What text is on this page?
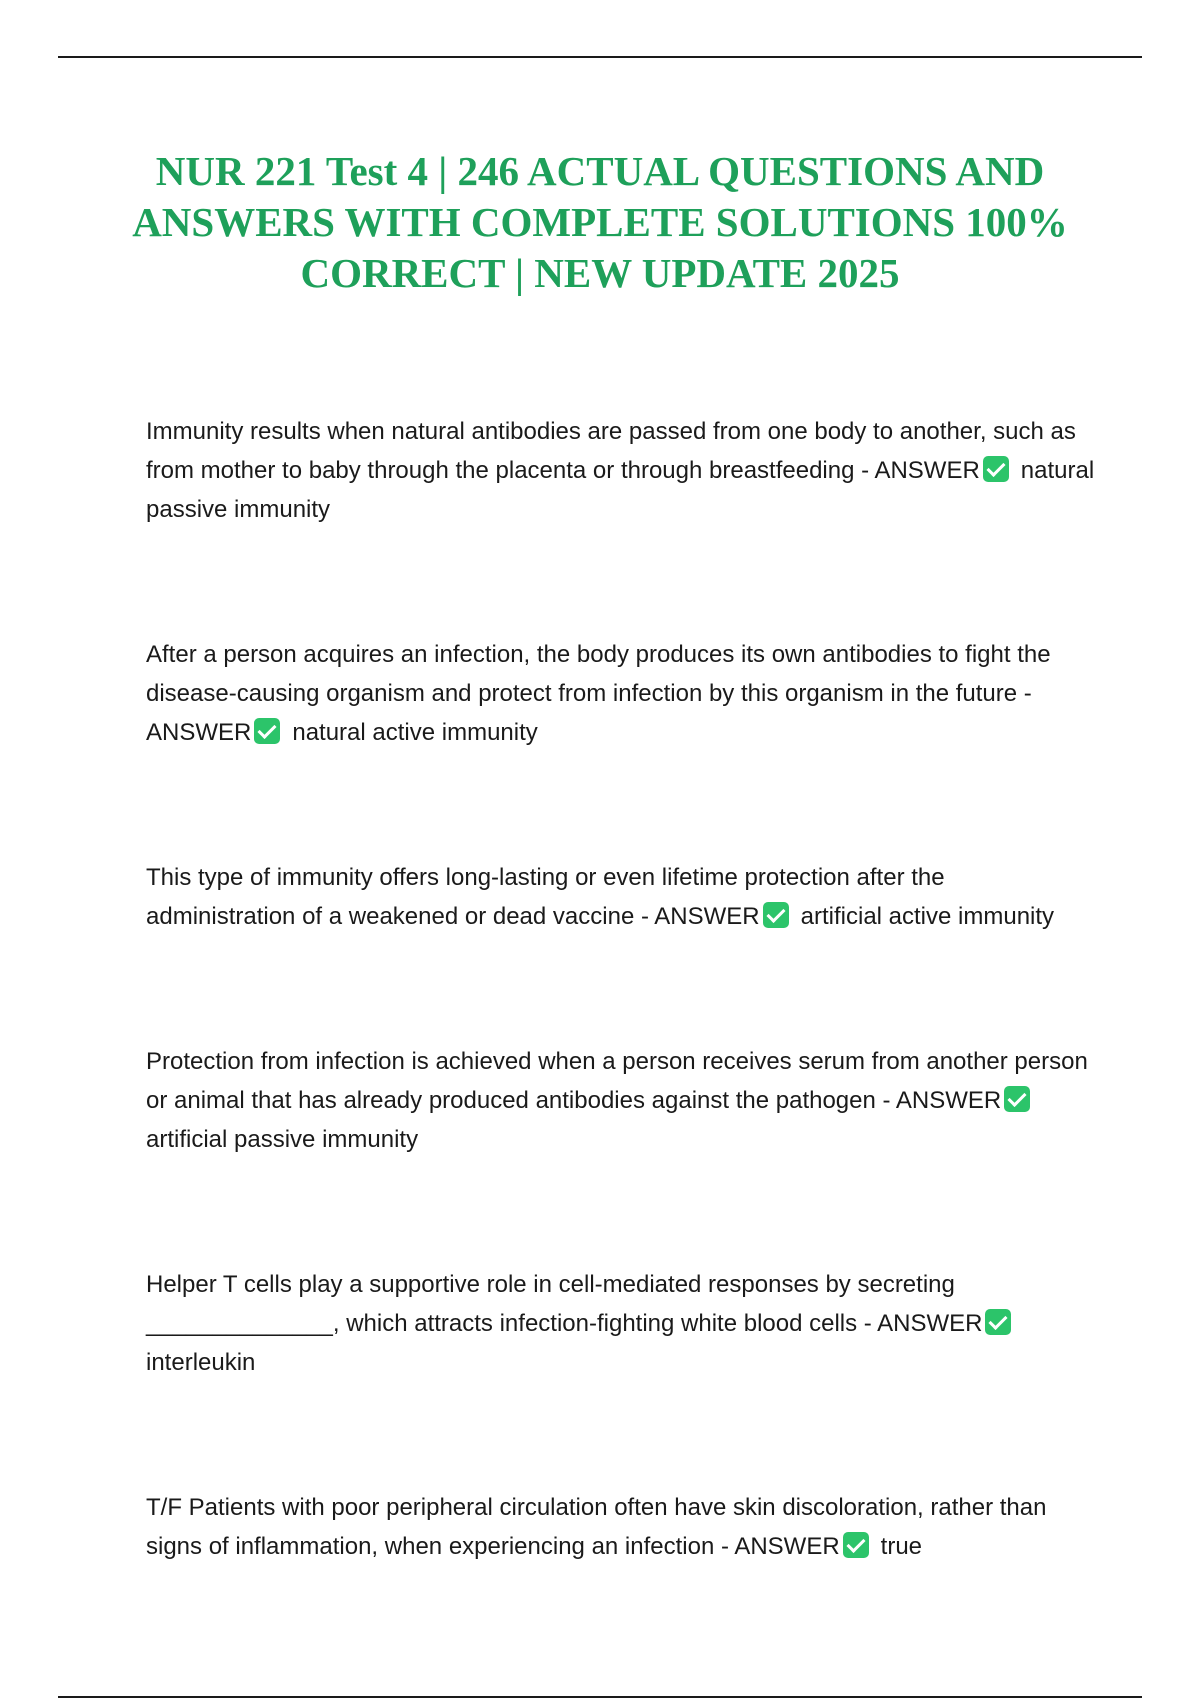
NUR 221 Test 4 | 246 ACTUAL QUESTIONS AND ANSWERS WITH COMPLETE SOLUTIONS 100% CORRECT | NEW UPDATE 2025

Immunity results when natural antibodies are passed from one body to another, such as from mother to baby through the placenta or through breastfeeding - ANSWER natural passive immunity

After a person acquires an infection, the body produces its own antibodies to fight the disease-causing organism and protect from infection by this organism in the future - ANSWER natural active immunity

This type of immunity offers long-lasting or even lifetime protection after the administration of a weakened or dead vaccine - ANSWER artificial active immunity

Protection from infection is achieved when a person receives serum from another person or animal that has already produced antibodies against the pathogen - ANSWERartificial passive immunity

Helper T cells play a supportive role in cell-mediated responses by secreting ______________, which attracts infection-fighting white blood cells - ANSWERinterleukin

T/F Patients with poor peripheral circulation often have skin discoloration, rather than signs of inflammation, when experiencing an infection - ANSWER true
